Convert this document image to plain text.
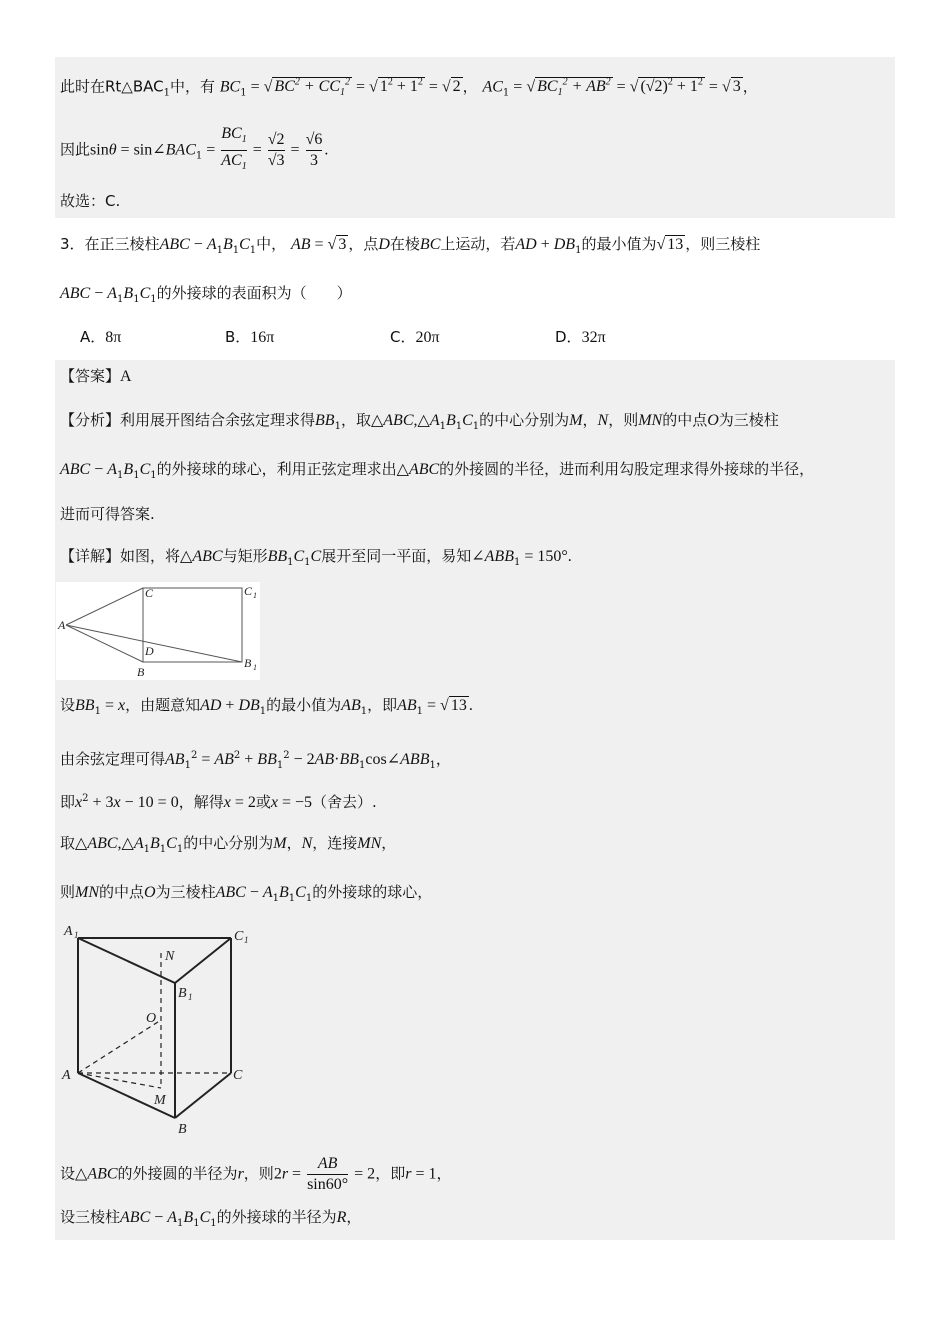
此时在$Rt\triangle BAC_1$中，有 $BC_1$ = √ $BC^2 + CC_1^2$ = √ $1^2 + 1^2$ = √ 2 ， $AC_1$ = √ $BC_1^2 + AB^2$ = √ $(√2)^2 + 1^2$ = √ 3 ，
因此$\sin\theta = \sin\angle BAC_1 = \frac{BC_1}{AC_1} = \frac{√2}{√3} = \frac{√6}{3}$ .
故选：C.
3．在正三棱柱ABC − $A_1B_1C_1$中， AB = √ 3 ，点D在棱BC上运动，若AD + $DB_1$的最小值为√ 13 ，则三棱柱
ABC − $A_1B_1C_1$的外接球的表面积为（　　）
A．8π	B．16π	C．20π	D．32π
【答案】A
【分析】利用展开图结合余弦定理求得$BB_1$，取$\triangle ABC,\triangle A_1B_1C_1$的中心分别为M，N，则MN的中点O为三棱柱
ABC − $A_1B_1C_1$的外接球的球心，利用正弦定理求出△ABC的外接圆的半径，进而利用勾股定理求得外接球的半径，
进而可得答案.
【详解】如图，将△ABC与矩形$BB_1C_1C$展开至同一平面，易知$\angle ABB_1 = 150^\circ$.
A
C
D
B
C 1
B 1
设$BB_1 = x$，由题意知AD + $DB_1$的最小值为$AB_1$，即$AB_1$ = √ 13 .
由余弦定理可得$AB_1^2 = AB^2 + BB_1^2$ − $2AB\cdot BB_1\cos\angle ABB_1$，
即$x^2 + 3x - 10 = 0$，解得x = 2或x = −5（舍去）.
取$\triangle ABC,\triangle A_1B_1C_1$的中心分别为M，N，连接MN，
则MN的中点O为三棱柱ABC − $A_1B_1C_1$的外接球的球心，
A 1	C 1
N
B 1
O
A	C
M
B
设△ABC的外接圆的半径为r，则$2r = \frac{AB}{\sin 60^\circ} = 2$，即r = 1，
设三棱柱ABC − $A_1B_1C_1$的外接球的半径为R，
